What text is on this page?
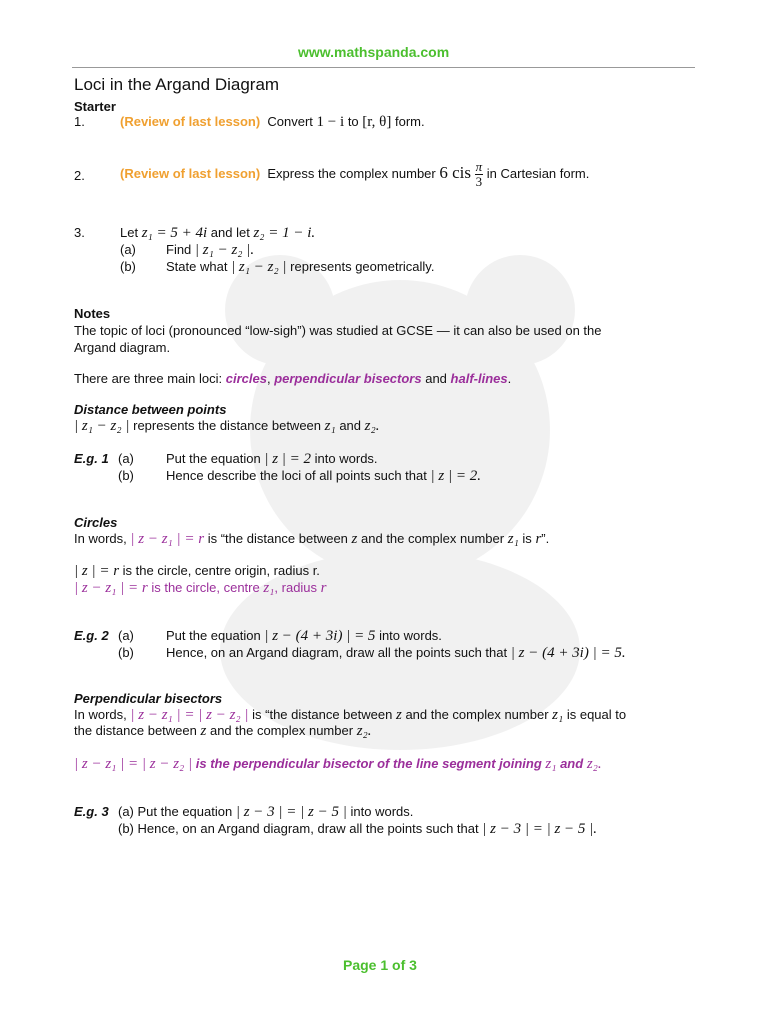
www.mathspanda.com
Loci in the Argand Diagram
Starter
1.	(Review of last lesson) Convert 1 − i to [r, θ] form.
2.	(Review of last lesson) Express the complex number 6 cis $\frac{\pi}{3}$ in Cartesian form.
3.	Let z₁ = 5 + 4i and let z₂ = 1 − i.
(a) Find | z₁ − z₂ |.
(b) State what | z₁ − z₂ | represents geometrically.
Notes
The topic of loci (pronounced “low-sigh”) was studied at GCSE — it can also be used on the
Argand diagram.
There are three main loci: circles, perpendicular bisectors and half-lines.
Distance between points
| z₁ − z₂ | represents the distance between z₁ and z₂.
E.g. 1 (a) Put the equation | z | = 2 into words.
(b) Hence describe the loci of all points such that | z | = 2.
Circles
In words, | z − z₁ | = r is “the distance between z and the complex number z₁ is r”.
| z | = r is the circle, centre origin, radius r.
| z − z₁ | = r is the circle, centre z₁, radius r
E.g. 2 (a) Put the equation | z − (4 + 3i) | = 5 into words.
(b) Hence, on an Argand diagram, draw all the points such that | z − (4 + 3i) | = 5.
Perpendicular bisectors
In words, | z − z₁ | = | z − z₂ | is “the distance between z and the complex number z₁ is equal to
the distance between z and the complex number z₂.
| z − z₁ | = | z − z₂ | is the perpendicular bisector of the line segment joining z₁ and z₂.
E.g. 3 (a) Put the equation | z − 3 | = | z − 5 | into words.
(b) Hence, on an Argand diagram, draw all the points such that | z − 3 | = | z − 5 |.
Page 1 of 3
